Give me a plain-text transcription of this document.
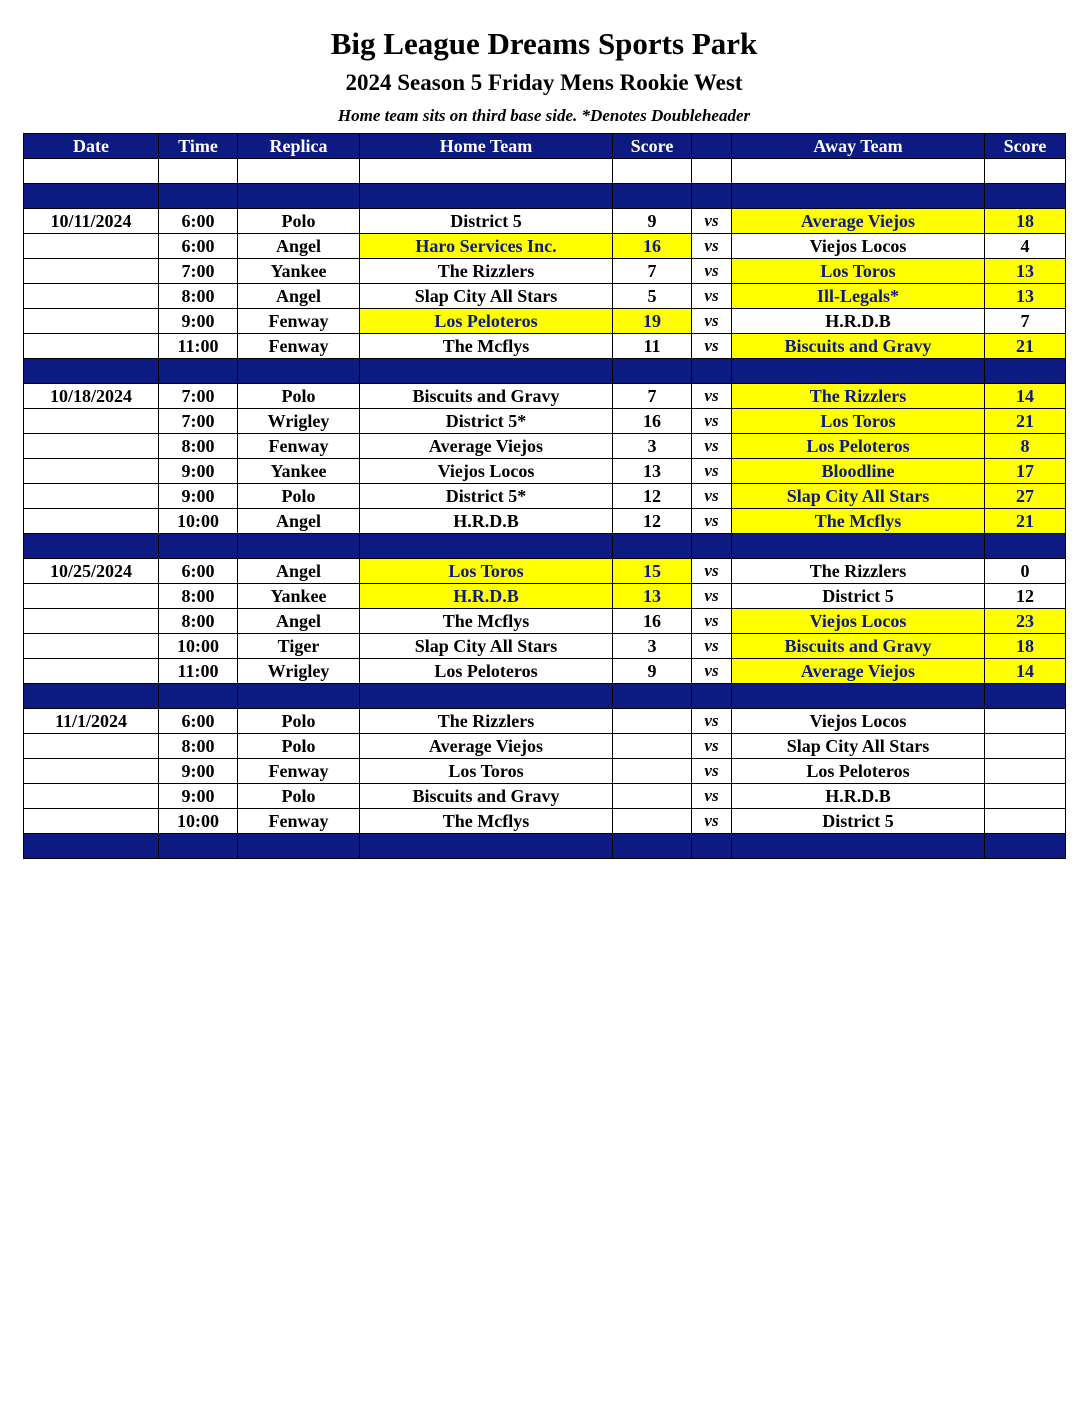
Big League Dreams Sports Park
2024 Season 5 Friday Mens Rookie West
Home team sits on third base side. *Denotes Doubleheader
Date	Time	Replica	Home Team	Score		Away Team	Score

10/11/2024	6:00	Polo	District 5	9	vs	Average Viejos	18
	6:00	Angel	Haro Services Inc.	16	vs	Viejos Locos	4
	7:00	Yankee	The Rizzlers	7	vs	Los Toros	13
	8:00	Angel	Slap City All Stars	5	vs	Ill-Legals*	13
	9:00	Fenway	Los Peloteros	19	vs	H.R.D.B	7
	11:00	Fenway	The Mcflys	11	vs	Biscuits and Gravy	21

10/18/2024	7:00	Polo	Biscuits and Gravy	7	vs	The Rizzlers	14
	7:00	Wrigley	District 5*	16	vs	Los Toros	21
	8:00	Fenway	Average Viejos	3	vs	Los Peloteros	8
	9:00	Yankee	Viejos Locos	13	vs	Bloodline	17
	9:00	Polo	District 5*	12	vs	Slap City All Stars	27
	10:00	Angel	H.R.D.B	12	vs	The Mcflys	21

10/25/2024	6:00	Angel	Los Toros	15	vs	The Rizzlers	0
	8:00	Yankee	H.R.D.B	13	vs	District 5	12
	8:00	Angel	The Mcflys	16	vs	Viejos Locos	23
	10:00	Tiger	Slap City All Stars	3	vs	Biscuits and Gravy	18
	11:00	Wrigley	Los Peloteros	9	vs	Average Viejos	14

11/1/2024	6:00	Polo	The Rizzlers		vs	Viejos Locos	
	8:00	Polo	Average Viejos		vs	Slap City All Stars	
	9:00	Fenway	Los Toros		vs	Los Peloteros	
	9:00	Polo	Biscuits and Gravy		vs	H.R.D.B	
	10:00	Fenway	The Mcflys		vs	District 5	
